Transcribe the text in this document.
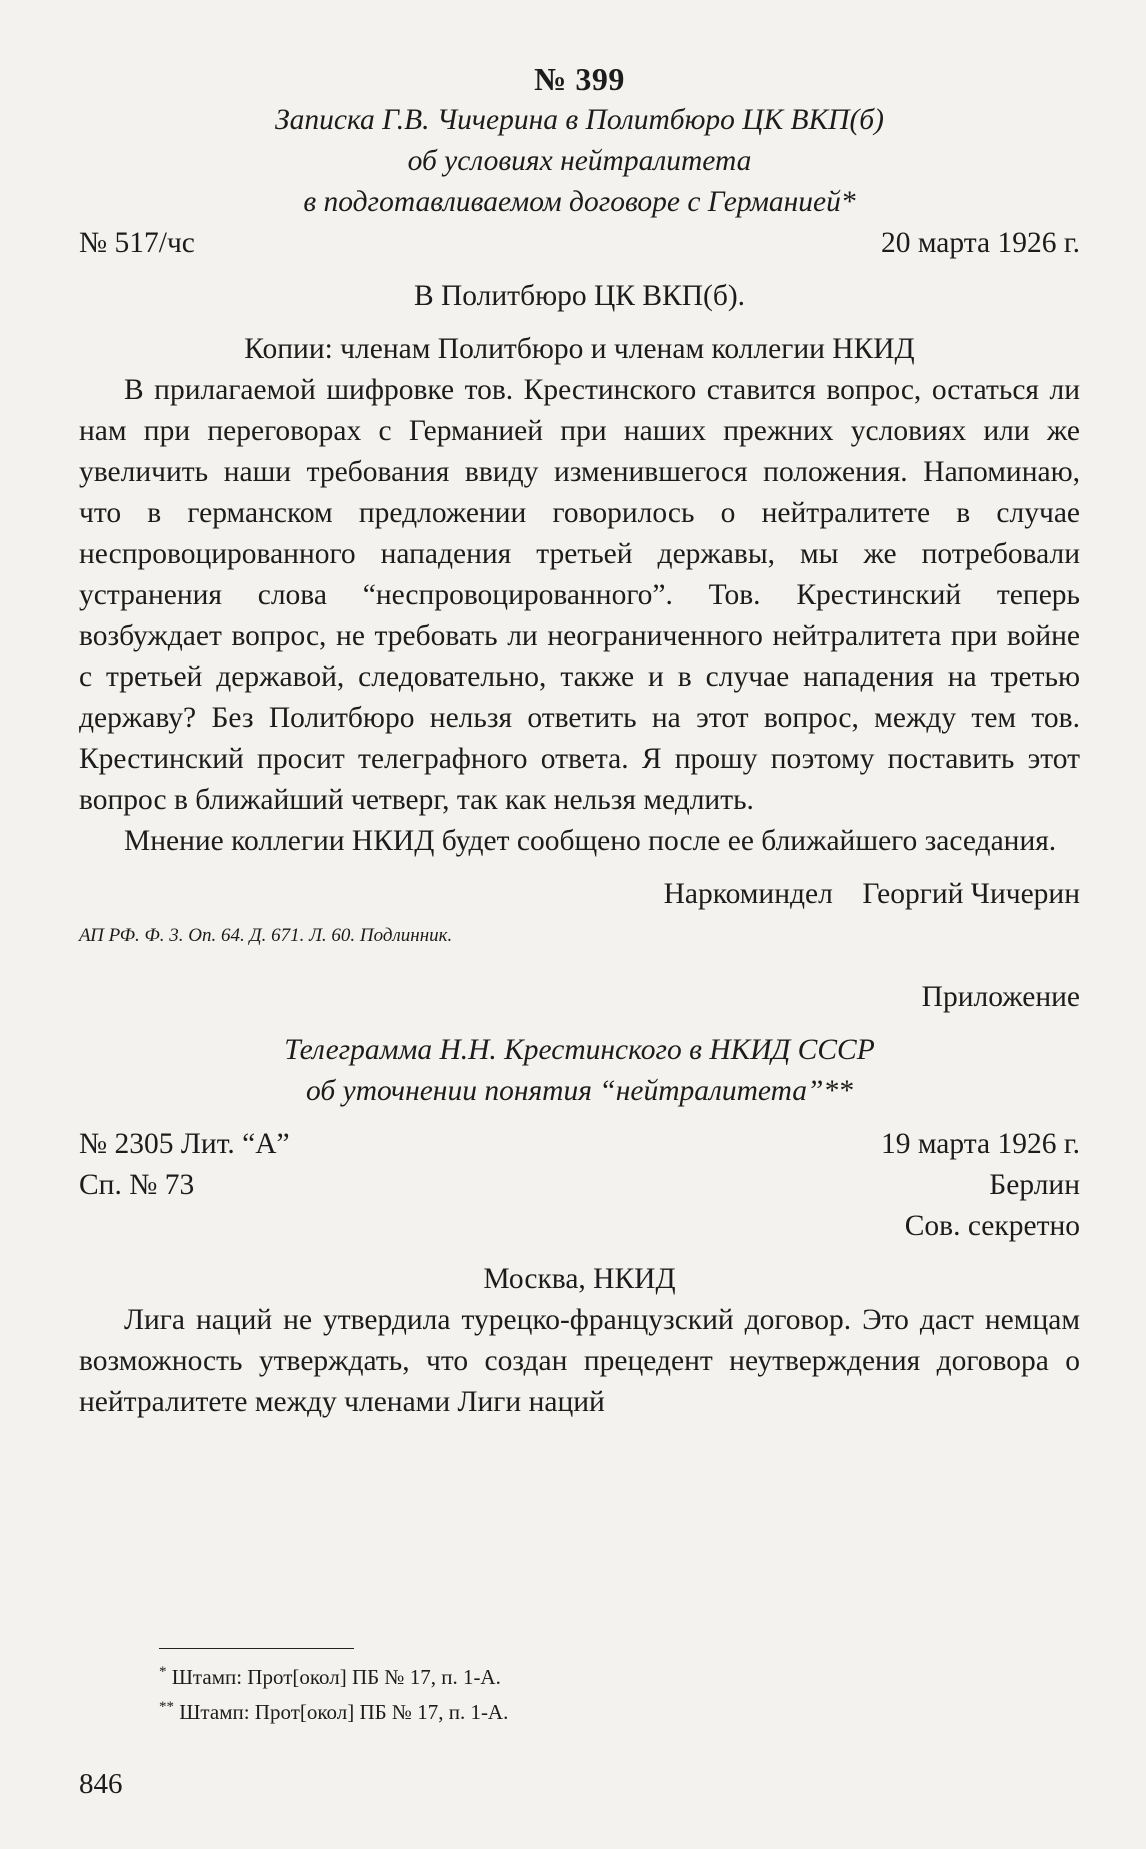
№ 399
Записка Г.В. Чичерина в Политбюро ЦК ВКП(б)
об условиях нейтралитета
в подготавливаемом договоре с Германией*
№ 517/чс	20 марта 1926 г.
В Политбюро ЦК ВКП(б).
Копии: членам Политбюро и членам коллегии НКИД

В прилагаемой шифровке тов. Крестинского ставится вопрос, остаться ли нам при переговорах с Германией при наших прежних условиях или же увеличить наши требования ввиду изменившегося положения. Напоминаю, что в германском предложении говорилось о нейтралитете в случае неспровоцированного нападения третьей державы, мы же потребовали устранения слова “неспровоцированного”. Тов. Крестинский теперь возбуждает вопрос, не требовать ли неограниченного нейтралитета при войне с третьей державой, следовательно, также и в случае нападения на третью державу? Без Политбюро нельзя ответить на этот вопрос, между тем тов. Крестинский просит телеграфного ответа. Я прошу поэтому поставить этот вопрос в ближайший четверг, так как нельзя медлить.

Мнение коллегии НКИД будет сообщено после ее ближайшего заседания.

Наркоминдел    Георгий Чичерин
АП РФ. Ф. 3. Оп. 64. Д. 671. Л. 60. Подлинник.
Приложение
Телеграмма Н.Н. Крестинского в НКИД СССР
об уточнении понятия “нейтралитета”**
№ 2305 Лит. “А”	19 марта 1926 г.
Сп. № 73	Берлин
Сов. секретно
Москва, НКИД

Лига наций не утвердила турецко-французский договор. Это даст немцам возможность утверждать, что создан прецедент неутверждения договора о нейтралитете между членами Лиги наций

* Штамп: Прот[окол] ПБ № 17, п. 1-А.
** Штамп: Прот[окол] ПБ № 17, п. 1-А.
846
